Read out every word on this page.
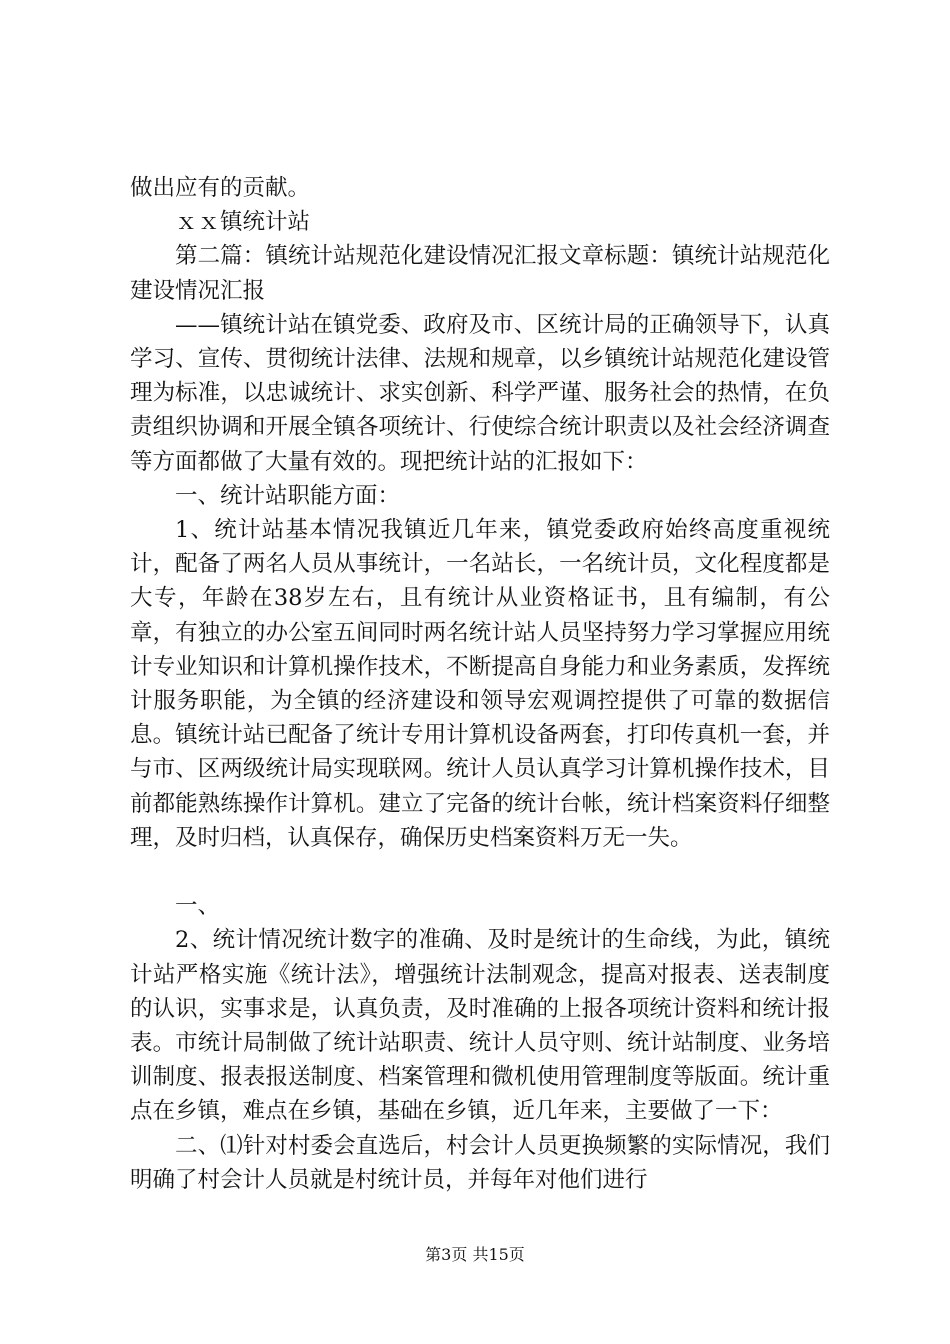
做出应有的贡献。

ｘｘ镇统计站

第二篇：镇统计站规范化建设情况汇报文章标题：镇统计站规范化建设情况汇报

——镇统计站在镇党委、政府及市、区统计局的正确领导下，认真学习、宣传、贯彻统计法律、法规和规章，以乡镇统计站规范化建设管理为标准，以忠诚统计、求实创新、科学严谨、服务社会的热情，在负责组织协调和开展全镇各项统计、行使综合统计职责以及社会经济调查等方面都做了大量有效的。现把统计站的汇报如下：

一、统计站职能方面：

1、统计站基本情况我镇近几年来，镇党委政府始终高度重视统计，配备了两名人员从事统计，一名站长，一名统计员，文化程度都是大专，年龄在38岁左右，且有统计从业资格证书，且有编制，有公章，有独立的办公室五间同时两名统计站人员坚持努力学习掌握应用统计专业知识和计算机操作技术，不断提高自身能力和业务素质，发挥统计服务职能，为全镇的经济建设和领导宏观调控提供了可靠的数据信息。镇统计站已配备了统计专用计算机设备两套，打印传真机一套，并与市、区两级统计局实现联网。统计人员认真学习计算机操作技术，目前都能熟练操作计算机。建立了完备的统计台帐，统计档案资料仔细整理，及时归档，认真保存，确保历史档案资料万无一失。

一、

2、统计情况统计数字的准确、及时是统计的生命线，为此，镇统计站严格实施《统计法》，增强统计法制观念，提高对报表、送表制度的认识，实事求是，认真负责，及时准确的上报各项统计资料和统计报表。市统计局制做了统计站职责、统计人员守则、统计站制度、业务培训制度、报表报送制度、档案管理和微机使用管理制度等版面。统计重点在乡镇，难点在乡镇，基础在乡镇，近几年来，主要做了一下：

二、⑴针对村委会直选后，村会计人员更换频繁的实际情况，我们明确了村会计人员就是村统计员，并每年对他们进行

第3页 共15页
